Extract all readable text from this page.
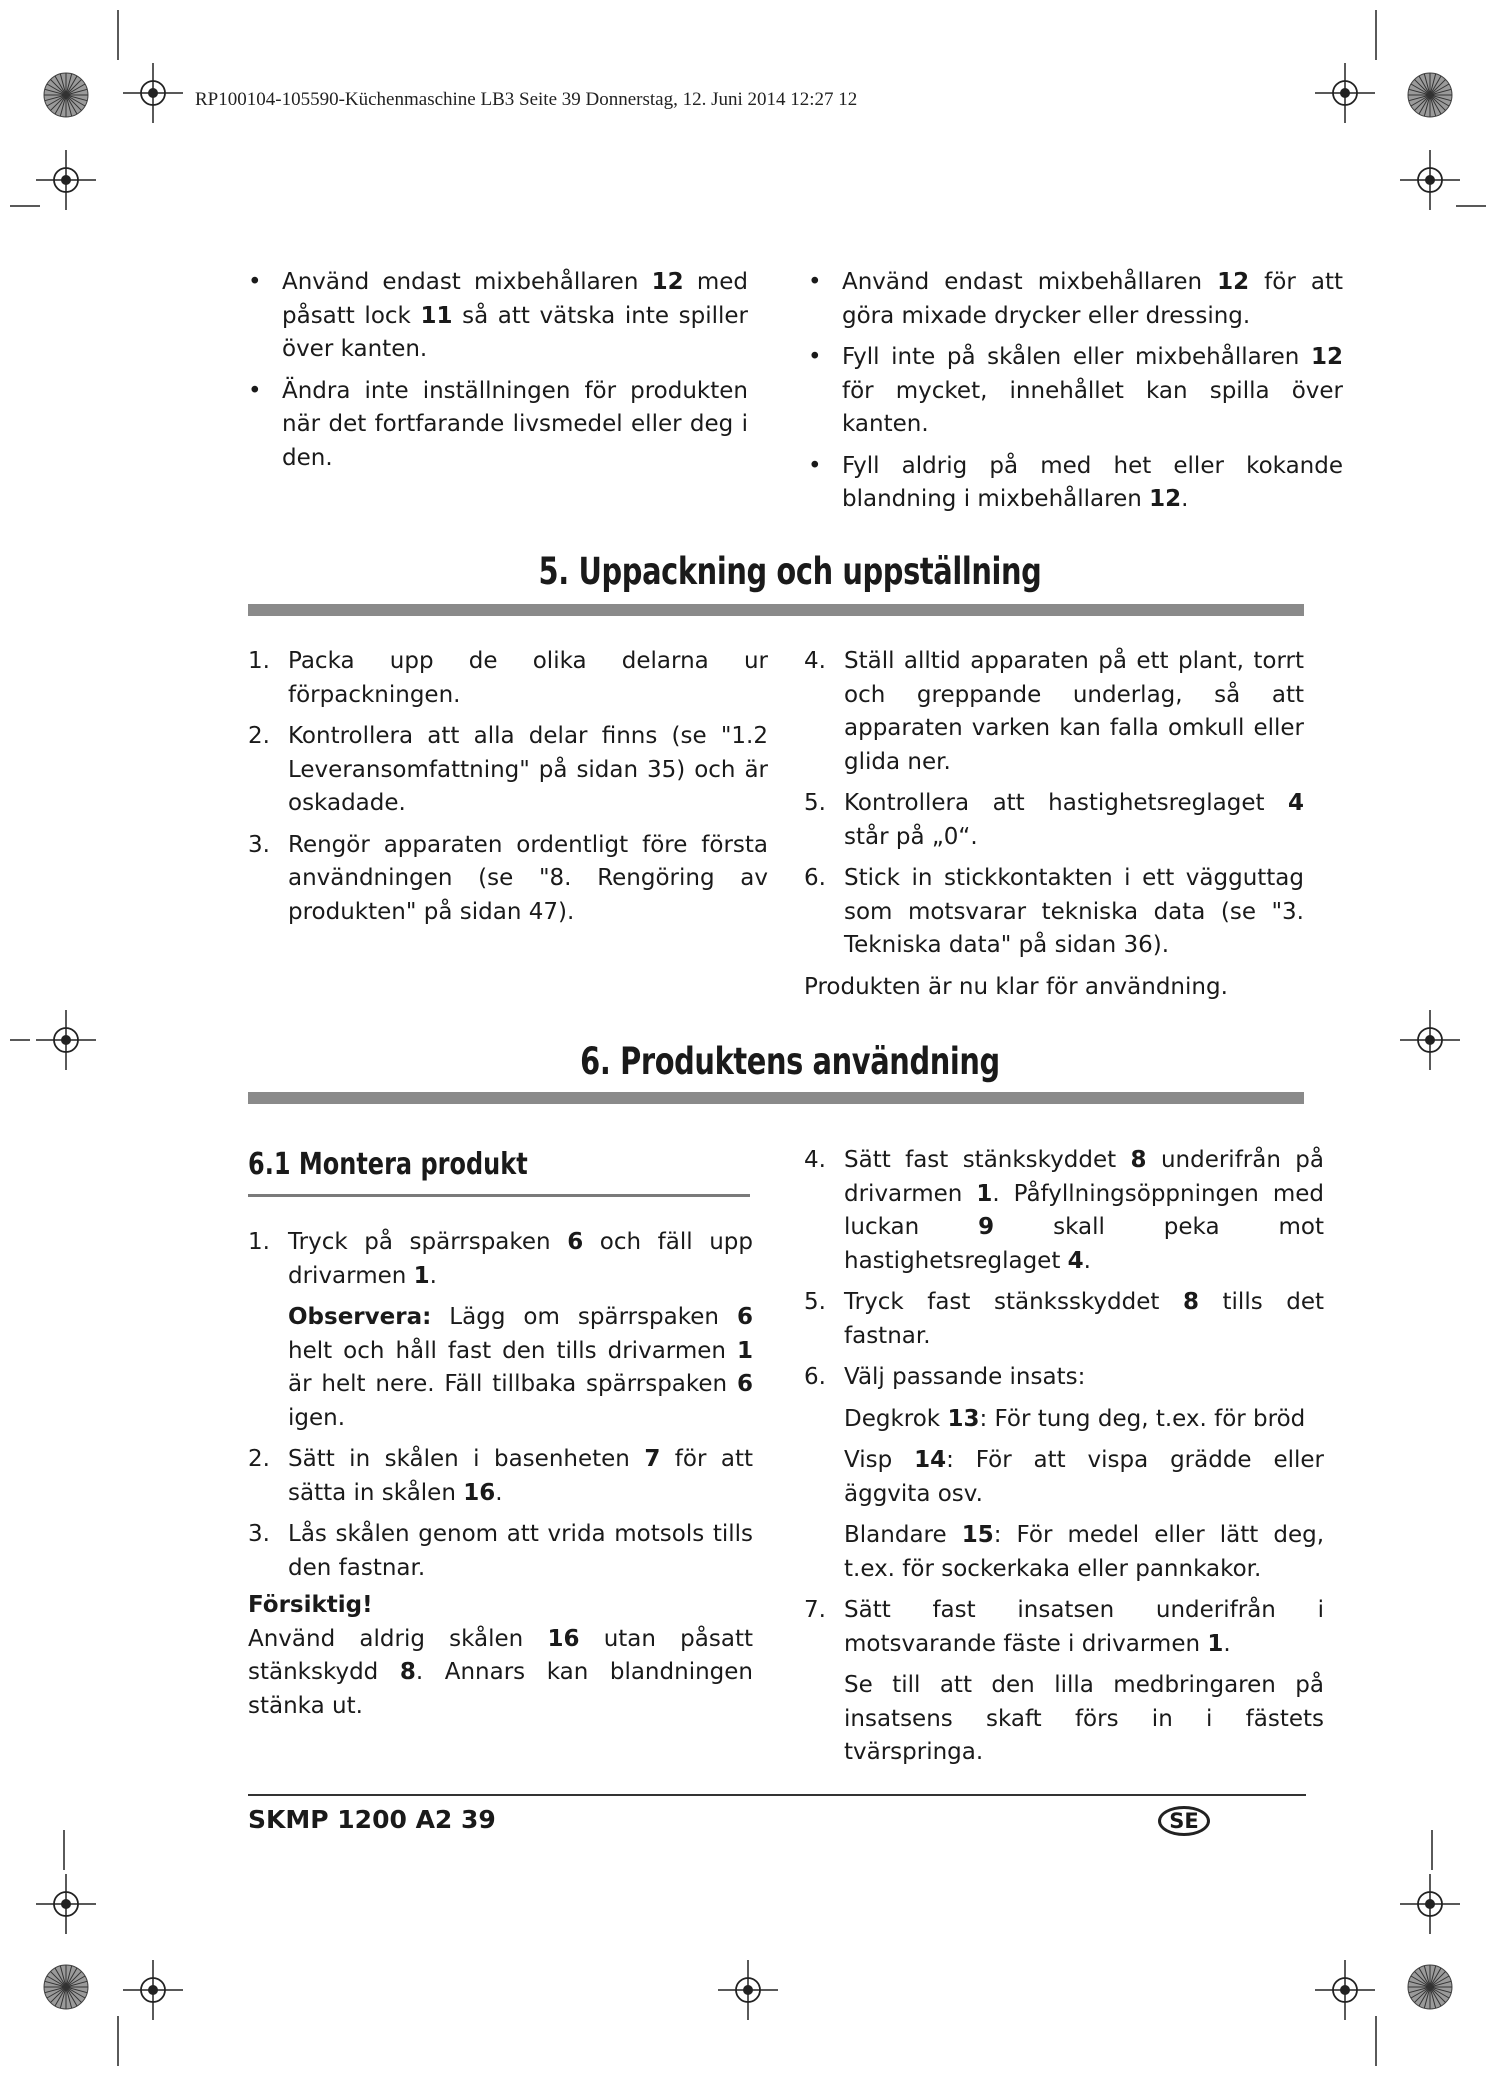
RP100104-105590-Küchenmaschine LB3 Seite 39 Donnerstag, 12. Juni 2014 12:27 12

• Använd endast mixbehållaren 12 med påsatt lock 11 så att vätska inte spiller över kanten.

• Ändra inte inställningen för produkten när det fortfarande livsmedel eller deg i den.

• Använd endast mixbehållaren 12 för att göra mixade drycker eller dressing.

• Fyll inte på skålen eller mixbehållaren 12 för mycket, innehållet kan spilla över kanten.

• Fyll aldrig på med het eller kokande blandning i mixbehållaren 12.

5. Uppackning och uppställning

1. Packa upp de olika delarna ur förpackningen.

2. Kontrollera att alla delar finns (se "1.2 Leveransomfattning" på sidan 35) och är oskadade.

3. Rengör apparaten ordentligt före första användningen (se "8. Rengöring av produkten" på sidan 47).

4. Ställ alltid apparaten på ett plant, torrt och greppande underlag, så att apparaten varken kan falla omkull eller glida ner.

5. Kontrollera att hastighetsreglaget 4 står på „0“.

6. Stick in stickkontakten i ett vägguttag som motsvarar tekniska data (se "3. Tekniska data" på sidan 36).

Produkten är nu klar för användning.

6. Produktens användning
6.1 Montera produkt

1. Tryck på spärrspaken 6 och fäll upp drivarmen 1.

Observera: Lägg om spärrspaken 6 helt och håll fast den tills drivarmen 1 är helt nere. Fäll tillbaka spärrspaken 6 igen.

2. Sätt in skålen i basenheten 7 för att sätta in skålen 16.

3. Lås skålen genom att vrida motsols tills den fastnar.

Försiktig!

Använd aldrig skålen 16 utan påsatt stänkskydd 8. Annars kan blandningen stänka ut.

4. Sätt fast stänkskyddet 8 underifrån på drivarmen 1. Påfyllningsöppningen med luckan 9 skall peka mot hastighetsreglaget 4.

5. Tryck fast stänksskyddet 8 tills det fastnar.

6. Välj passande insats:

Degkrok 13: För tung deg, t.ex. för bröd

Visp 14: För att vispa grädde eller äggvita osv.

Blandare 15: För medel eller lätt deg, t.ex. för sockerkaka eller pannkakor.

7. Sätt fast insatsen underifrån i motsvarande fäste i drivarmen 1.

Se till att den lilla medbringaren på insatsens skaft förs in i fästets tvärspringa.

SKMP 1200 A2 39	SE
